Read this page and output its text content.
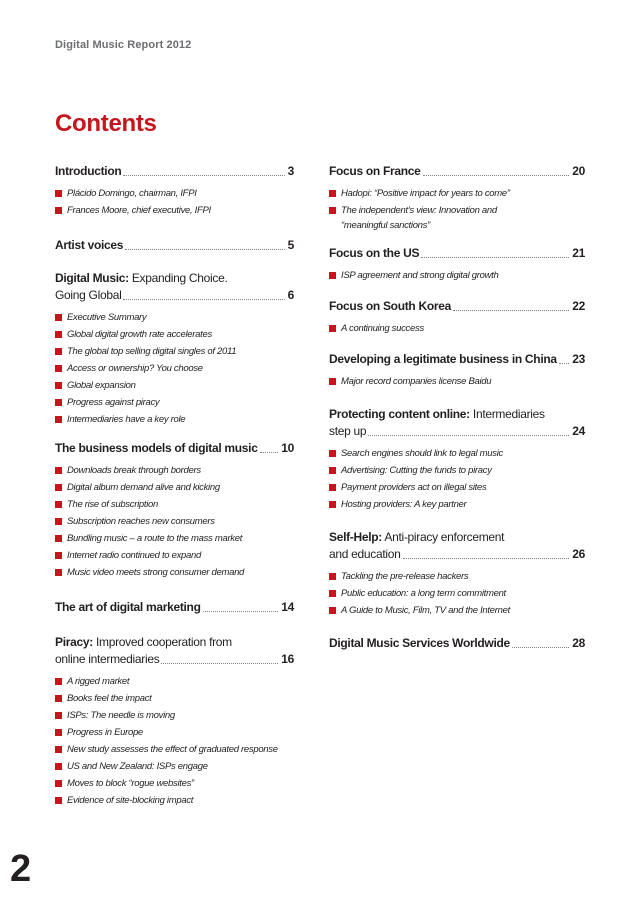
Digital Music Report 2012
Contents
Introduction	3
Plácido Domingo, chairman, IFPI
Frances Moore, chief executive, IFPI
Artist voices	5
Digital Music: Expanding Choice.
Going Global	6
Executive Summary
Global digital growth rate accelerates
The global top selling digital singles of 2011
Access or ownership? You choose
Global expansion
Progress against piracy
Intermediaries have a key role
The business models of digital music 10
Downloads break through borders
Digital album demand alive and kicking
The rise of subscription
Subscription reaches new consumers
Bundling music – a route to the mass market
Internet radio continued to expand
Music video meets strong consumer demand
The art of digital marketing	14
Piracy: Improved cooperation from
online intermediaries	16
A rigged market
Books feel the impact
ISPs: The needle is moving
Progress in Europe
New study assesses the effect of graduated response
US and New Zealand: ISPs engage
Moves to block “rogue websites”
Evidence of site-blocking impact
Focus on France	20
Hadopi: “Positive impact for years to come”
The independent’s view: Innovation and
“meaningful sanctions”
Focus on the US	21
ISP agreement and strong digital growth
Focus on South Korea	22
A continuing success
Developing a legitimate business in China 23
Major record companies license Baidu
Protecting content online: Intermediaries
step up	24
Search engines should link to legal music
Advertising: Cutting the funds to piracy
Payment providers act on illegal sites
Hosting providers: A key partner
Self-Help: Anti-piracy enforcement
and education	26
Tackling the pre-release hackers
Public education: a long term commitment
A Guide to Music, Film, TV and the Internet
Digital Music Services Worldwide	28
2
